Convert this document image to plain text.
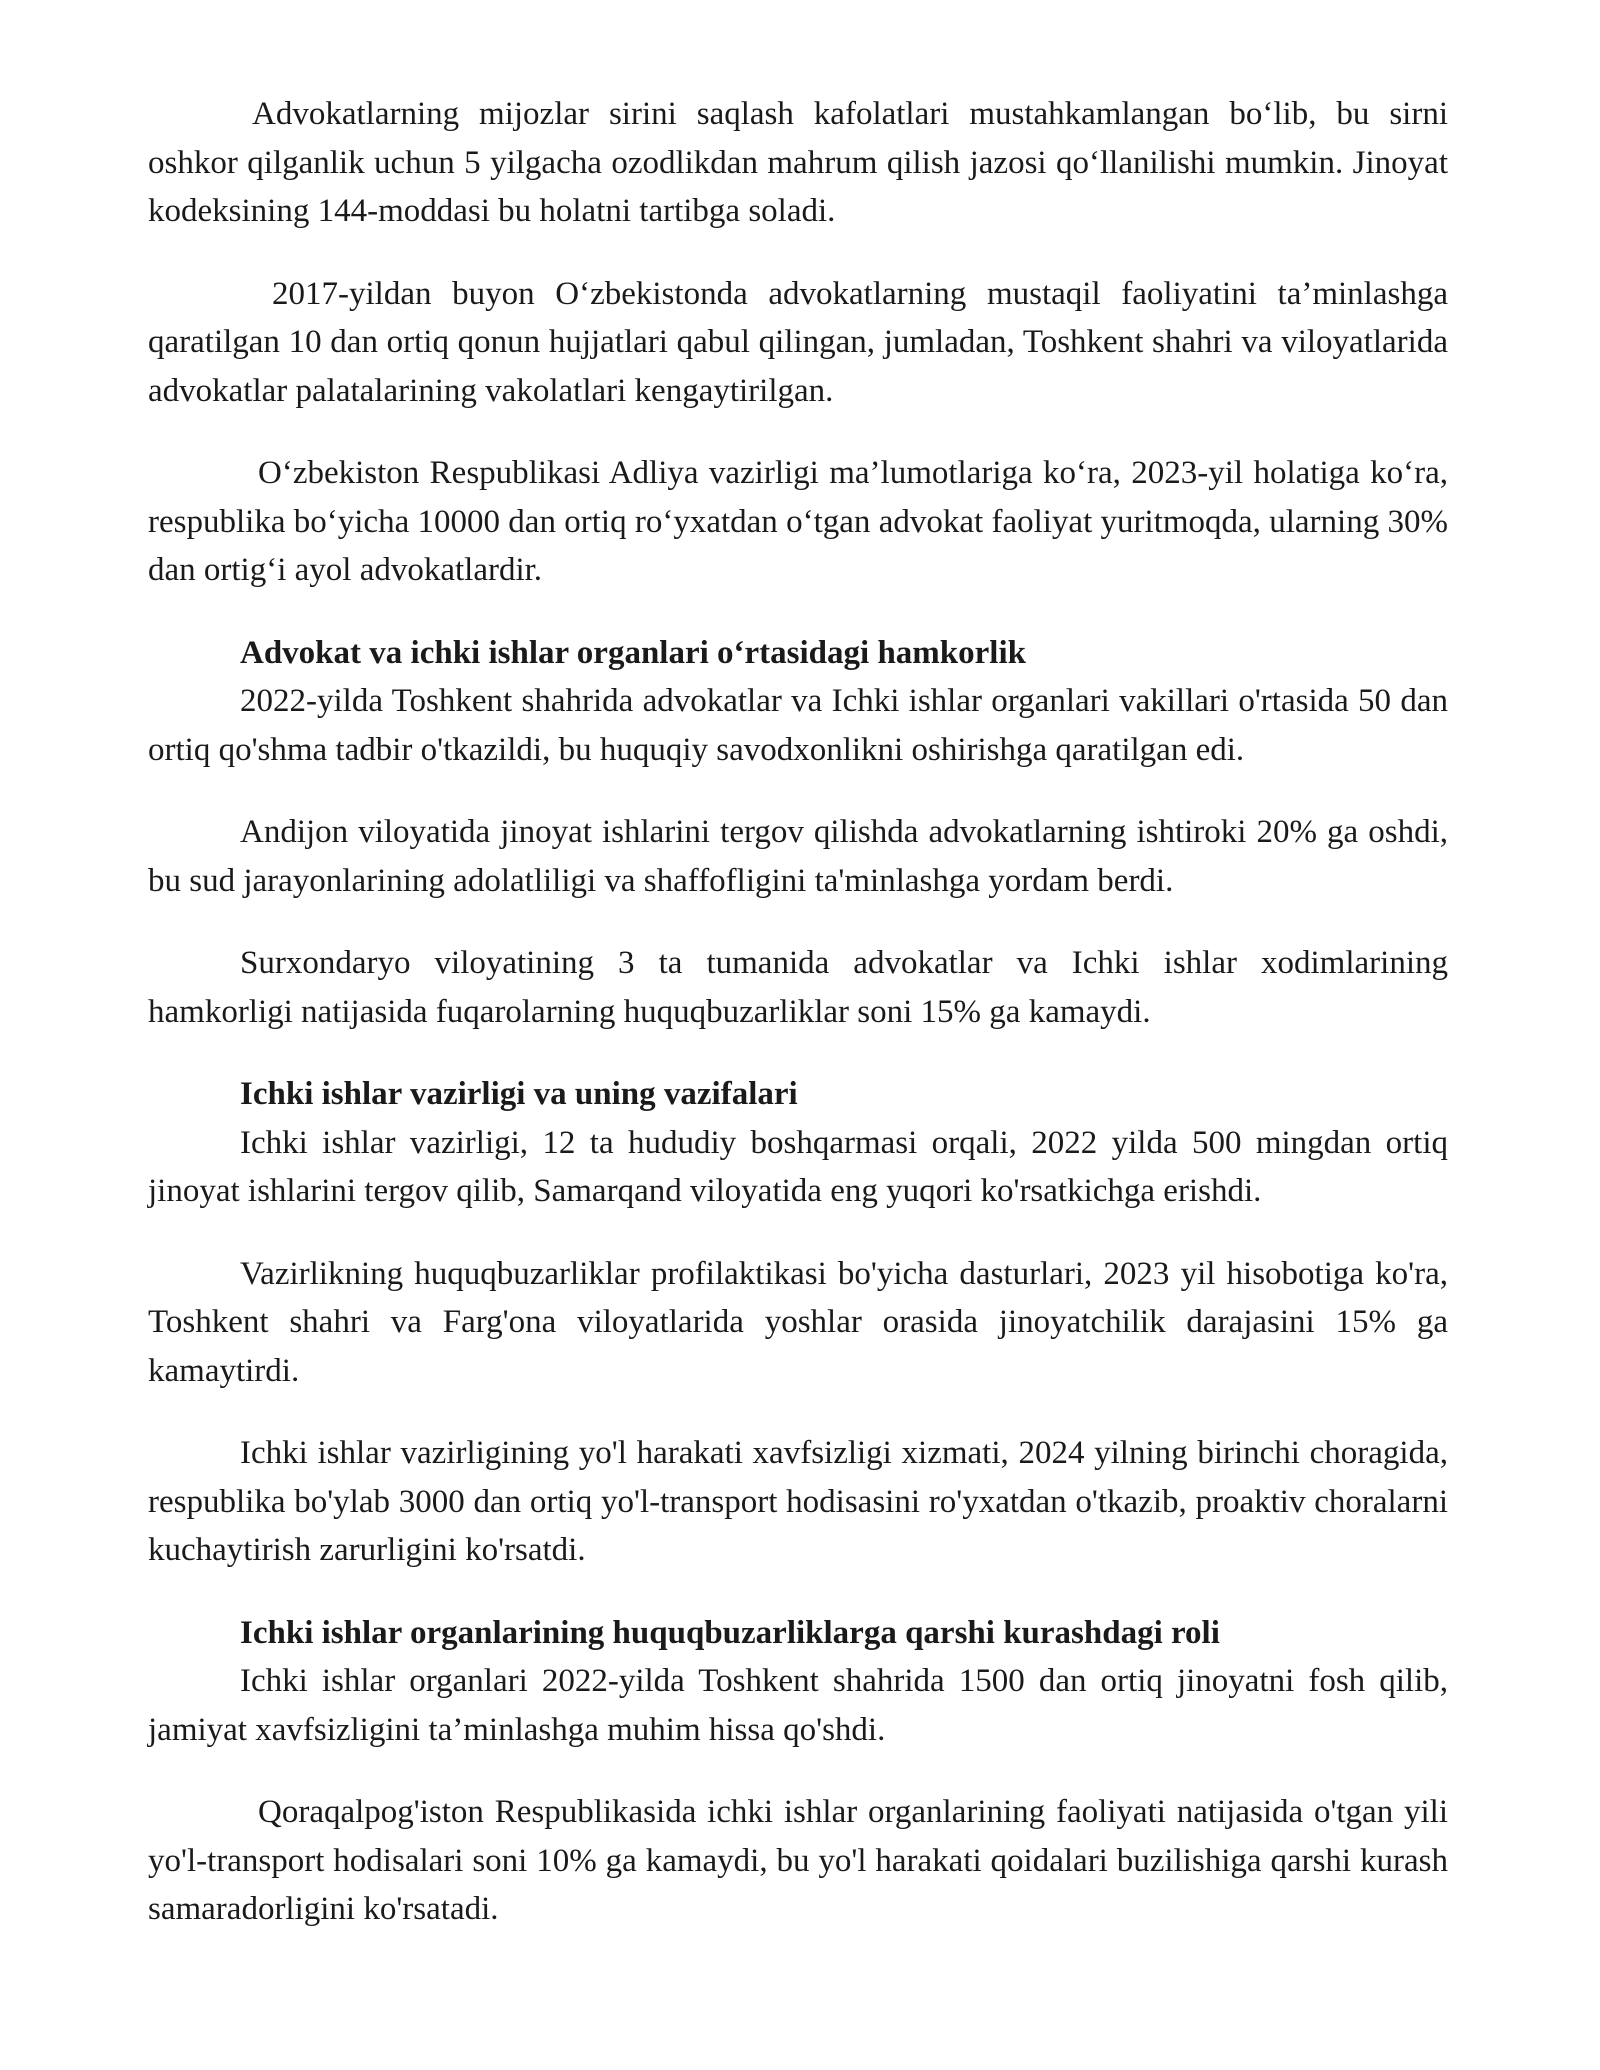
Advokatlarning mijozlar sirini saqlash kafolatlari mustahkamlangan bo‘lib, bu sirni oshkor qilganlik uchun 5 yilgacha ozodlikdan mahrum qilish jazosi qo‘llanilishi mumkin. Jinoyat kodeksining 144-moddasi bu holatni tartibga soladi.

2017-yildan buyon O‘zbekistonda advokatlarning mustaqil faoliyatini ta’minlashga qaratilgan 10 dan ortiq qonun hujjatlari qabul qilingan, jumladan, Toshkent shahri va viloyatlarida advokatlar palatalarining vakolatlari kengaytirilgan.

O‘zbekiston Respublikasi Adliya vazirligi ma’lumotlariga ko‘ra, 2023-yil holatiga ko‘ra, respublika bo‘yicha 10000 dan ortiq ro‘yxatdan o‘tgan advokat faoliyat yuritmoqda, ularning 30% dan ortig‘i ayol advokatlardir.

Advokat va ichki ishlar organlari o‘rtasidagi hamkorlik

2022-yilda Toshkent shahrida advokatlar va Ichki ishlar organlari vakillari o'rtasida 50 dan ortiq qo'shma tadbir o'tkazildi, bu huquqiy savodxonlikni oshirishga qaratilgan edi.

Andijon viloyatida jinoyat ishlarini tergov qilishda advokatlarning ishtiroki 20% ga oshdi, bu sud jarayonlarining adolatliligi va shaffofligini ta'minlashga yordam berdi.

Surxondaryo viloyatining 3 ta tumanida advokatlar va Ichki ishlar xodimlarining hamkorligi natijasida fuqarolarning huquqbuzarliklar soni 15% ga kamaydi.

Ichki ishlar vazirligi va uning vazifalari

Ichki ishlar vazirligi, 12 ta hududiy boshqarmasi orqali, 2022 yilda 500 mingdan ortiq jinoyat ishlarini tergov qilib, Samarqand viloyatida eng yuqori ko'rsatkichga erishdi.

Vazirlikning huquqbuzarliklar profilaktikasi bo'yicha dasturlari, 2023 yil hisobotiga ko'ra, Toshkent shahri va Farg'ona viloyatlarida yoshlar orasida jinoyatchilik darajasini 15% ga kamaytirdi.

Ichki ishlar vazirligining yo'l harakati xavfsizligi xizmati, 2024 yilning birinchi choragida, respublika bo'ylab 3000 dan ortiq yo'l-transport hodisasini ro'yxatdan o'tkazib, proaktiv choralarni kuchaytirish zarurligini ko'rsatdi.

Ichki ishlar organlarining huquqbuzarliklarga qarshi kurashdagi roli

Ichki ishlar organlari 2022-yilda Toshkent shahrida 1500 dan ortiq jinoyatni fosh qilib, jamiyat xavfsizligini ta’minlashga muhim hissa qo'shdi.

Qoraqalpog'iston Respublikasida ichki ishlar organlarining faoliyati natijasida o'tgan yili yo'l-transport hodisalari soni 10% ga kamaydi, bu yo'l harakati qoidalari buzilishiga qarshi kurash samaradorligini ko'rsatadi.
